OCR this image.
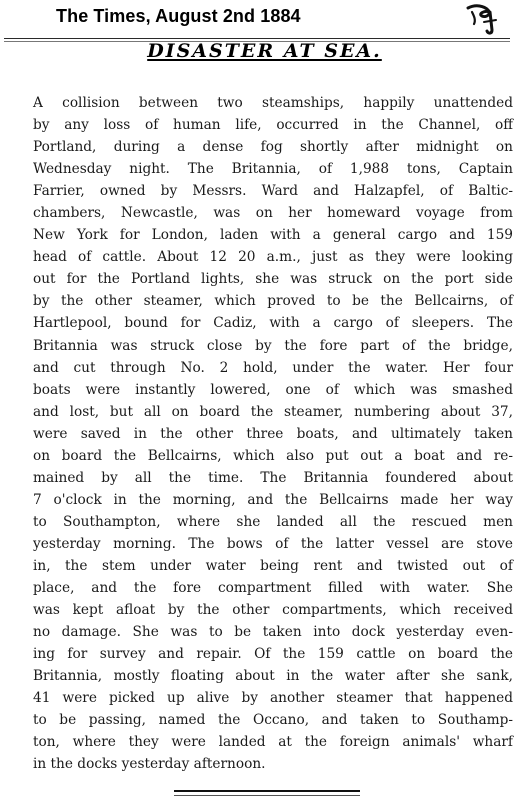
The Times, August 2nd 1884
DISASTER AT SEA.
A collision between two steamships, happily unattended
by any loss of human life, occurred in the Channel, off
Portland, during a dense fog shortly after midnight on
Wednesday night. The Britannia, of 1,988 tons, Captain
Farrier, owned by Messrs. Ward and Halzapfel, of Baltic-
chambers, Newcastle, was on her homeward voyage from
New York for London, laden with a general cargo and 159
head of cattle. About 12 20 a.m., just as they were looking
out for the Portland lights, she was struck on the port side
by the other steamer, which proved to be the Bellcairns, of
Hartlepool, bound for Cadiz, with a cargo of sleepers. The
Britannia was struck close by the fore part of the bridge,
and cut through No. 2 hold, under the water. Her four
boats were instantly lowered, one of which was smashed
and lost, but all on board the steamer, numbering about 37,
were saved in the other three boats, and ultimately taken
on board the Bellcairns, which also put out a boat and re-
mained by all the time. The Britannia foundered about
7 o'clock in the morning, and the Bellcairns made her way
to Southampton, where she landed all the rescued men
yesterday morning. The bows of the latter vessel are stove
in, the stem under water being rent and twisted out of
place, and the fore compartment filled with water. She
was kept afloat by the other compartments, which received
no damage. She was to be taken into dock yesterday even-
ing for survey and repair. Of the 159 cattle on board the
Britannia, mostly floating about in the water after she sank,
41 were picked up alive by another steamer that happened
to be passing, named the Occano, and taken to Southamp-
ton, where they were landed at the foreign animals' wharf
in the docks yesterday afternoon.
